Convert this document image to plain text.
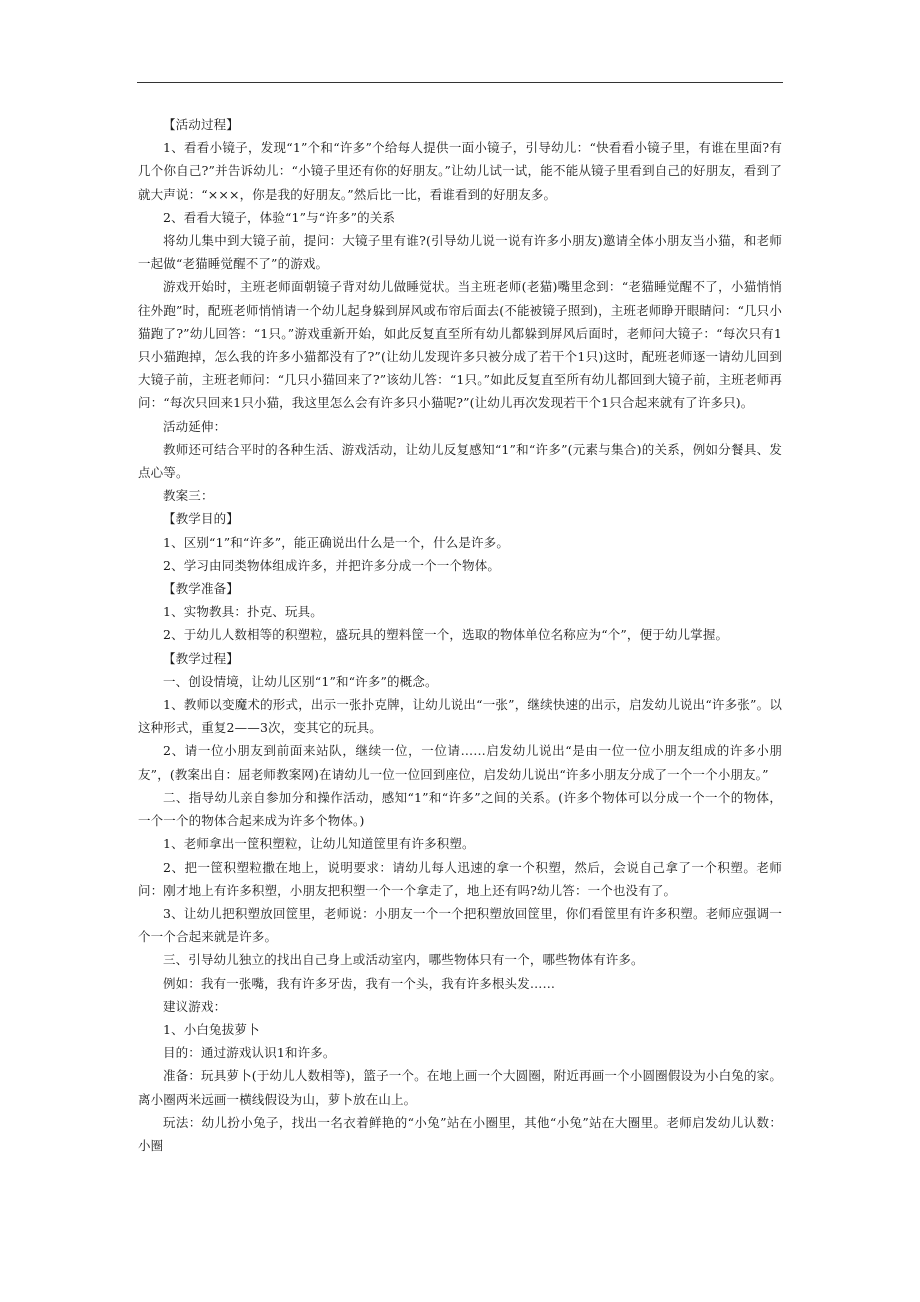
【活动过程】

1、看看小镜子，发现“1”个和“许多”个给每人提供一面小镜子，引导幼儿：“快看看小镜子里，有谁在里面?有几个你自己?”并告诉幼儿：“小镜子里还有你的好朋友。”让幼儿试一试，能不能从镜子里看到自己的好朋友，看到了就大声说：“×××，你是我的好朋友。”然后比一比，看谁看到的好朋友多。

2、看看大镜子，体验“1”与“许多”的关系

将幼儿集中到大镜子前，提问：大镜子里有谁?(引导幼儿说一说有许多小朋友)邀请全体小朋友当小猫，和老师一起做“老猫睡觉醒不了”的游戏。

游戏开始时，主班老师面朝镜子背对幼儿做睡觉状。当主班老师(老猫)嘴里念到：“老猫睡觉醒不了，小猫悄悄往外跑”时，配班老师悄悄请一个幼儿起身躲到屏风或布帘后面去(不能被镜子照到)，主班老师睁开眼睛问：“几只小猫跑了?”幼儿回答：“1只。”游戏重新开始，如此反复直至所有幼儿都躲到屏风后面时，老师问大镜子：“每次只有1只小猫跑掉，怎么我的许多小猫都没有了?”(让幼儿发现许多只被分成了若干个1只)这时，配班老师逐一请幼儿回到大镜子前，主班老师问：“几只小猫回来了?”该幼儿答：“1只。”如此反复直至所有幼儿都回到大镜子前，主班老师再问：“每次只回来1只小猫，我这里怎么会有许多只小猫呢?”(让幼儿再次发现若干个1只合起来就有了许多只)。

活动延伸：

教师还可结合平时的各种生活、游戏活动，让幼儿反复感知“1”和“许多”(元素与集合)的关系，例如分餐具、发点心等。

教案三：

【教学目的】

1、区别“1”和“许多”，能正确说出什么是一个，什么是许多。

2、学习由同类物体组成许多，并把许多分成一个一个物体。

【教学准备】

1、实物教具：扑克、玩具。

2、于幼儿人数相等的积塑粒，盛玩具的塑料筐一个，选取的物体单位名称应为“个”，便于幼儿掌握。

【教学过程】

一、创设情境，让幼儿区别“1”和“许多”的概念。

1、教师以变魔术的形式，出示一张扑克牌，让幼儿说出“一张”，继续快速的出示，启发幼儿说出“许多张”。以这种形式，重复2——3次，变其它的玩具。

2、请一位小朋友到前面来站队，继续一位，一位请……启发幼儿说出“是由一位一位小朋友组成的许多小朋友”，(教案出自：屈老师教案网)在请幼儿一位一位回到座位，启发幼儿说出“许多小朋友分成了一个一个小朋友。”

二、指导幼儿亲自参加分和操作活动，感知“1”和“许多”之间的关系。(许多个物体可以分成一个一个的物体，一个一个的物体合起来成为许多个物体。)

1、老师拿出一筐积塑粒，让幼儿知道筐里有许多积塑。

2、把一筐积塑粒撒在地上，说明要求：请幼儿每人迅速的拿一个积塑，然后，会说自己拿了一个积塑。老师问：刚才地上有许多积塑，小朋友把积塑一个一个拿走了，地上还有吗?幼儿答：一个也没有了。

3、让幼儿把积塑放回筐里，老师说：小朋友一个一个把积塑放回筐里，你们看筐里有许多积塑。老师应强调一个一个合起来就是许多。

三、引导幼儿独立的找出自己身上或活动室内，哪些物体只有一个，哪些物体有许多。

例如：我有一张嘴，我有许多牙齿，我有一个头，我有许多根头发……

建议游戏：

1、小白兔拔萝卜

目的：通过游戏认识1和许多。

准备：玩具萝卜(于幼儿人数相等)，篮子一个。在地上画一个大圆圈，附近再画一个小圆圈假设为小白兔的家。离小圈两米远画一横线假设为山，萝卜放在山上。

玩法：幼儿扮小兔子，找出一名衣着鲜艳的“小兔”站在小圈里，其他“小兔”站在大圈里。老师启发幼儿认数：小圈
